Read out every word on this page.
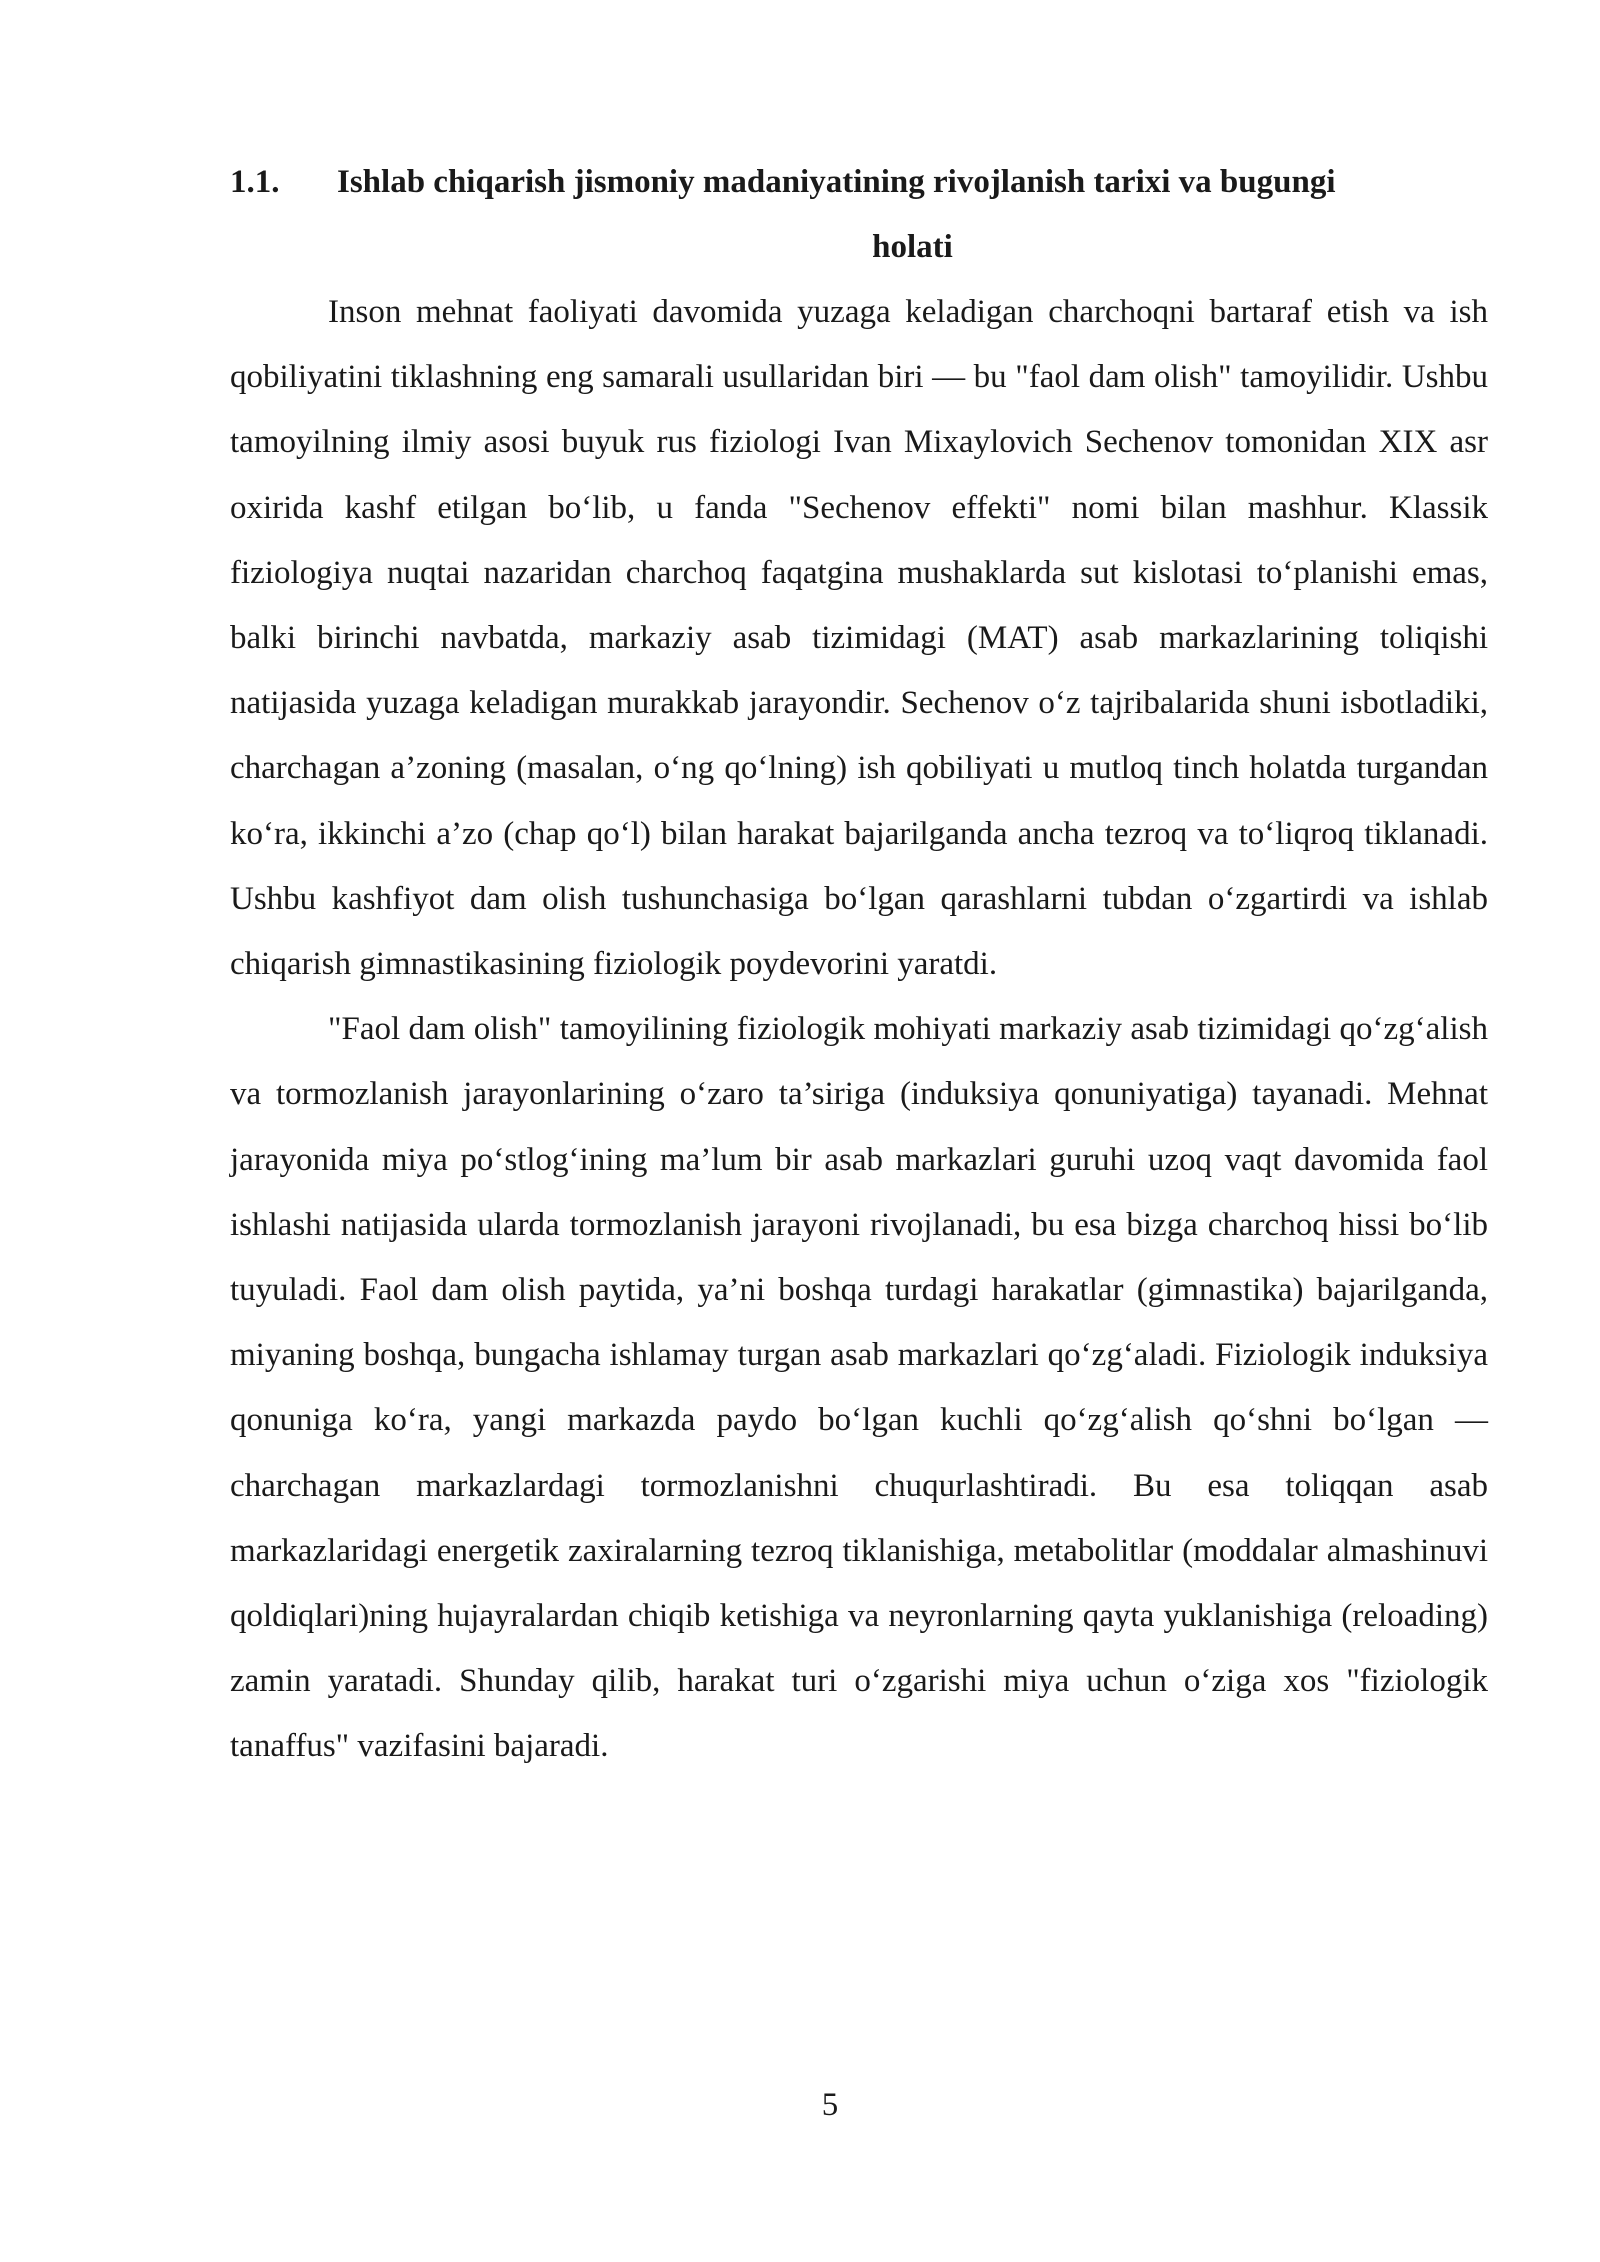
1.1.	Ishlab chiqarish jismoniy madaniyatining rivojlanish tarixi va bugungi
holati

Inson mehnat faoliyati davomida yuzaga keladigan charchoqni bartaraf etish va ish qobiliyatini tiklashning eng samarali usullaridan biri — bu "faol dam olish" tamoyilidir. Ushbu tamoyilning ilmiy asosi buyuk rus fiziologi Ivan Mixaylovich Sechenov tomonidan XIX asr oxirida kashf etilgan bo‘lib, u fanda "Sechenov effekti" nomi bilan mashhur. Klassik fiziologiya nuqtai nazaridan charchoq faqatgina mushaklarda sut kislotasi to‘planishi emas, balki birinchi navbatda, markaziy asab tizimidagi (MAT) asab markazlarining toliqishi natijasida yuzaga keladigan murakkab jarayondir. Sechenov o‘z tajribalarida shuni isbotladiki, charchagan a’zoning (masalan, o‘ng qo‘lning) ish qobiliyati u mutloq tinch holatda turgandan ko‘ra, ikkinchi a’zo (chap qo‘l) bilan harakat bajarilganda ancha tezroq va to‘liqroq tiklanadi. Ushbu kashfiyot dam olish tushunchasiga bo‘lgan qarashlarni tubdan o‘zgartirdi va ishlab chiqarish gimnastikasining fiziologik poydevorini yaratdi.

"Faol dam olish" tamoyilining fiziologik mohiyati markaziy asab tizimidagi qo‘zg‘alish va tormozlanish jarayonlarining o‘zaro ta’siriga (induksiya qonuniyatiga) tayanadi. Mehnat jarayonida miya po‘stlog‘ining ma’lum bir asab markazlari guruhi uzoq vaqt davomida faol ishlashi natijasida ularda tormozlanish jarayoni rivojlanadi, bu esa bizga charchoq hissi bo‘lib tuyuladi. Faol dam olish paytida, ya’ni boshqa turdagi harakatlar (gimnastika) bajarilganda, miyaning boshqa, bungacha ishlamay turgan asab markazlari qo‘zg‘aladi. Fiziologik induksiya qonuniga ko‘ra, yangi markazda paydo bo‘lgan kuchli qo‘zg‘alish qo‘shni bo‘lgan — charchagan markazlardagi tormozlanishni chuqurlashtiradi. Bu esa toliqqan asab markazlaridagi energetik zaxiralarning tezroq tiklanishiga, metabolitlar (moddalar almashinuvi qoldiqlari)ning hujayralardan chiqib ketishiga va neyronlarning qayta yuklanishiga (reloading) zamin yaratadi. Shunday qilib, harakat turi o‘zgarishi miya uchun o‘ziga xos "fiziologik tanaffus" vazifasini bajaradi.

5
